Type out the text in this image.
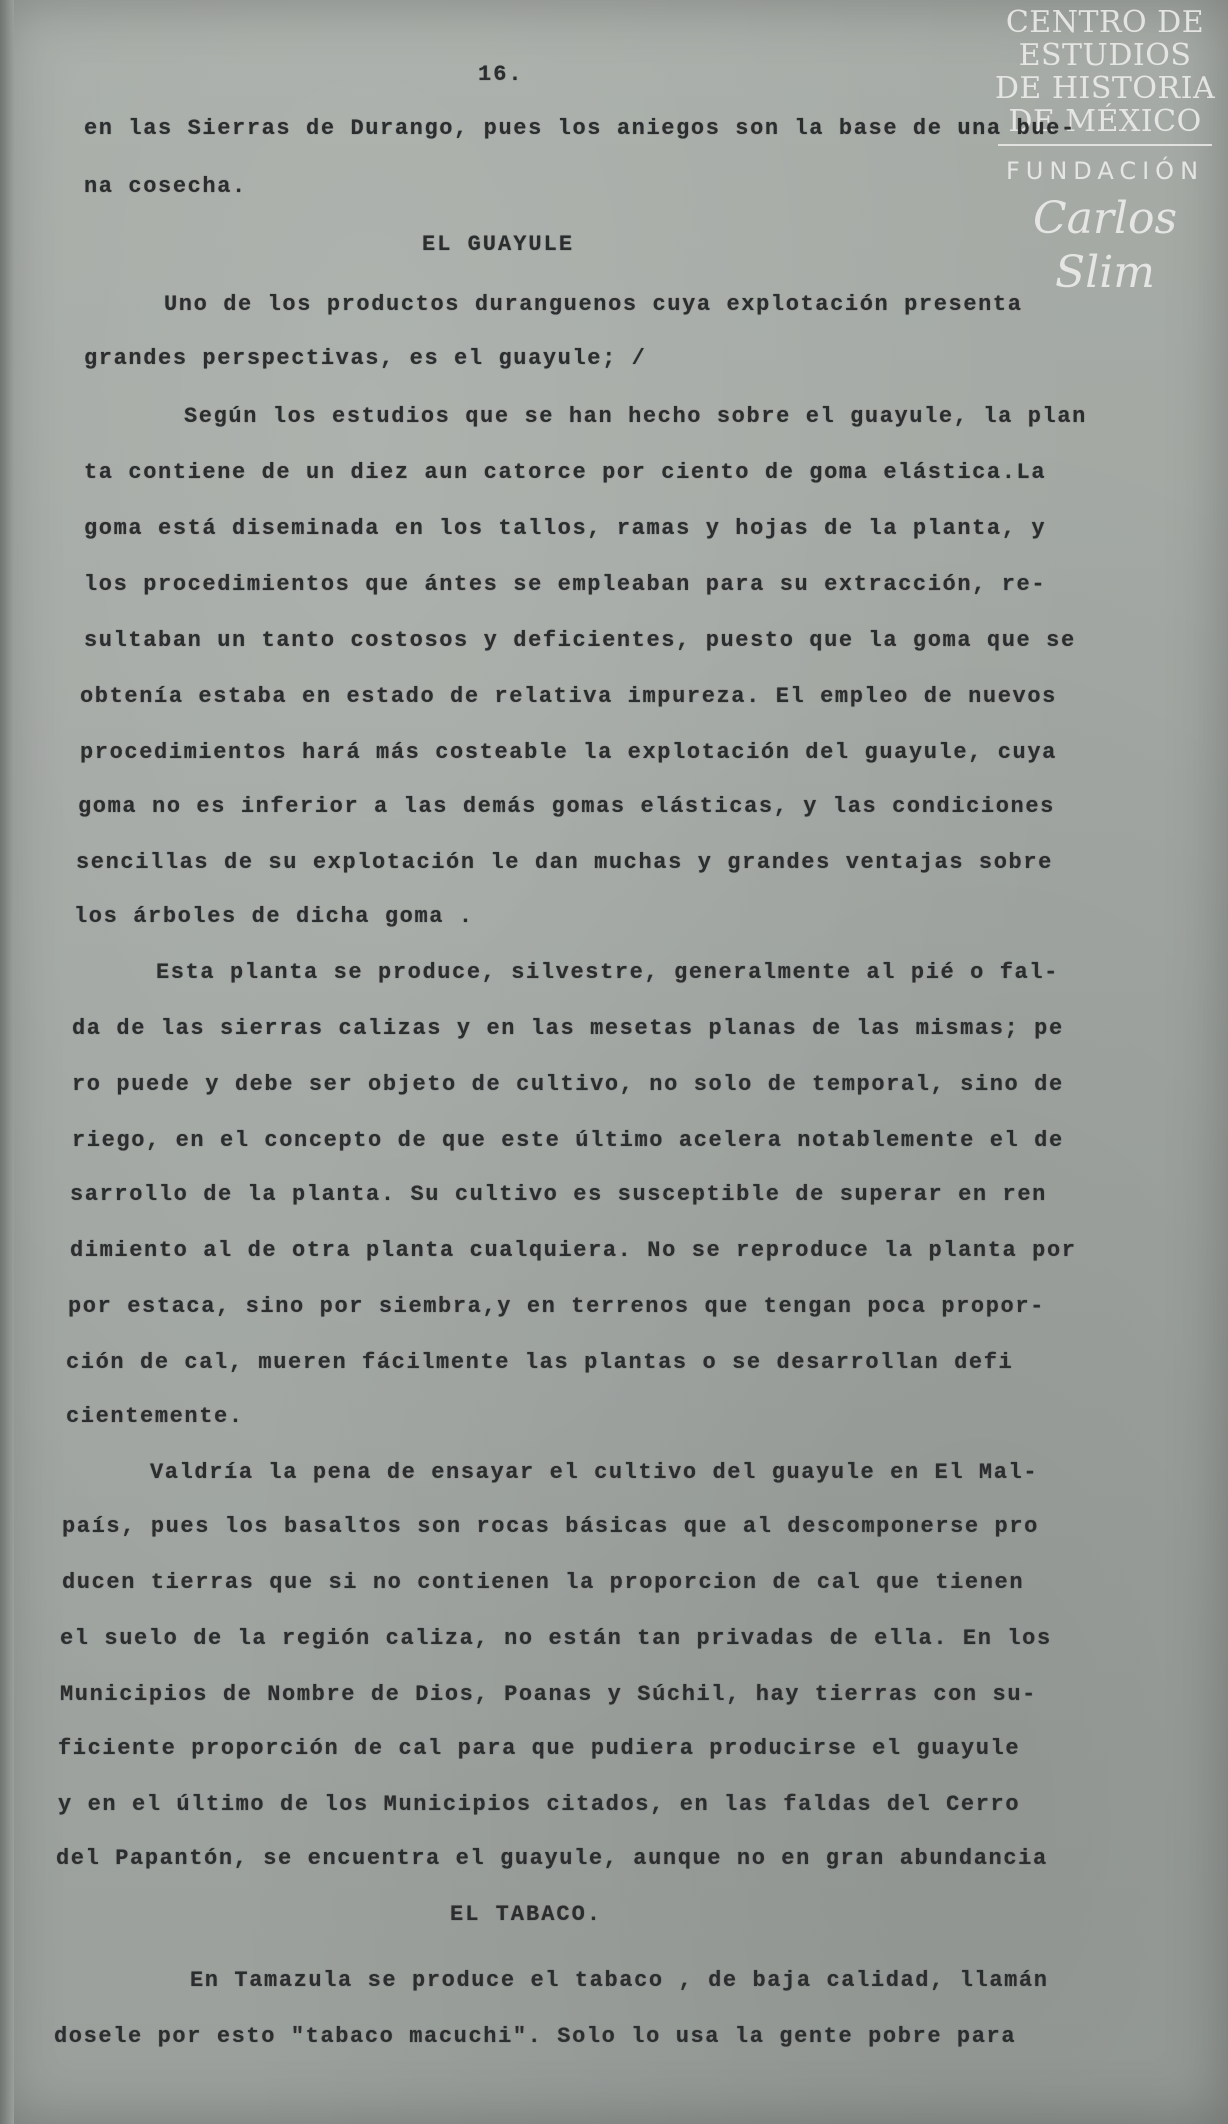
CENTRO DE
ESTUDIOS
DE HISTORIA
DE MÉXICO
FUNDACIÓN
Carlos Slim
16.
en las Sierras de Durango, pues los aniegos son la base de una bue-
na cosecha.
EL GUAYULE
Uno de los productos duranguenos cuya explotación presenta
grandes perspectivas, es el guayule; /
Según los estudios que se han hecho sobre el guayule, la plan
ta contiene de un diez aun catorce por ciento de goma elástica.La
goma está diseminada en los tallos, ramas y hojas de la planta, y
los procedimientos que ántes se empleaban para su extracción, re-
sultaban un tanto costosos y deficientes, puesto que la goma que se
obtenía estaba en estado de relativa impureza. El empleo de nuevos
procedimientos hará más costeable la explotación del guayule, cuya
goma no es inferior a las demás gomas elásticas, y las condiciones
sencillas de su explotación le dan muchas y grandes ventajas sobre
los árboles de dicha goma .
Esta planta se produce, silvestre, generalmente al pié o fal-
da de las sierras calizas y en las mesetas planas de las mismas; pe
ro puede y debe ser objeto de cultivo, no solo de temporal, sino de
riego, en el concepto de que este último acelera notablemente el de
sarrollo de la planta. Su cultivo es susceptible de superar en ren
dimiento al de otra planta cualquiera. No se reproduce la planta por
por estaca, sino por siembra,y en terrenos que tengan poca propor-
ción de cal, mueren fácilmente las plantas o se desarrollan defi
cientemente.
Valdría la pena de ensayar el cultivo del guayule en El Mal-
país, pues los basaltos son rocas básicas que al descomponerse pro
ducen tierras que si no contienen la proporcion de cal que tienen
el suelo de la región caliza, no están tan privadas de ella. En los
Municipios de Nombre de Dios, Poanas y Súchil, hay tierras con su-
ficiente proporción de cal para que pudiera producirse el guayule
y en el último de los Municipios citados, en las faldas del Cerro
del Papantón, se encuentra el guayule, aunque no en gran abundancia
EL TABACO.
En Tamazula se produce el tabaco , de baja calidad, llamán
dosele por esto "tabaco macuchi". Solo lo usa la gente pobre para
